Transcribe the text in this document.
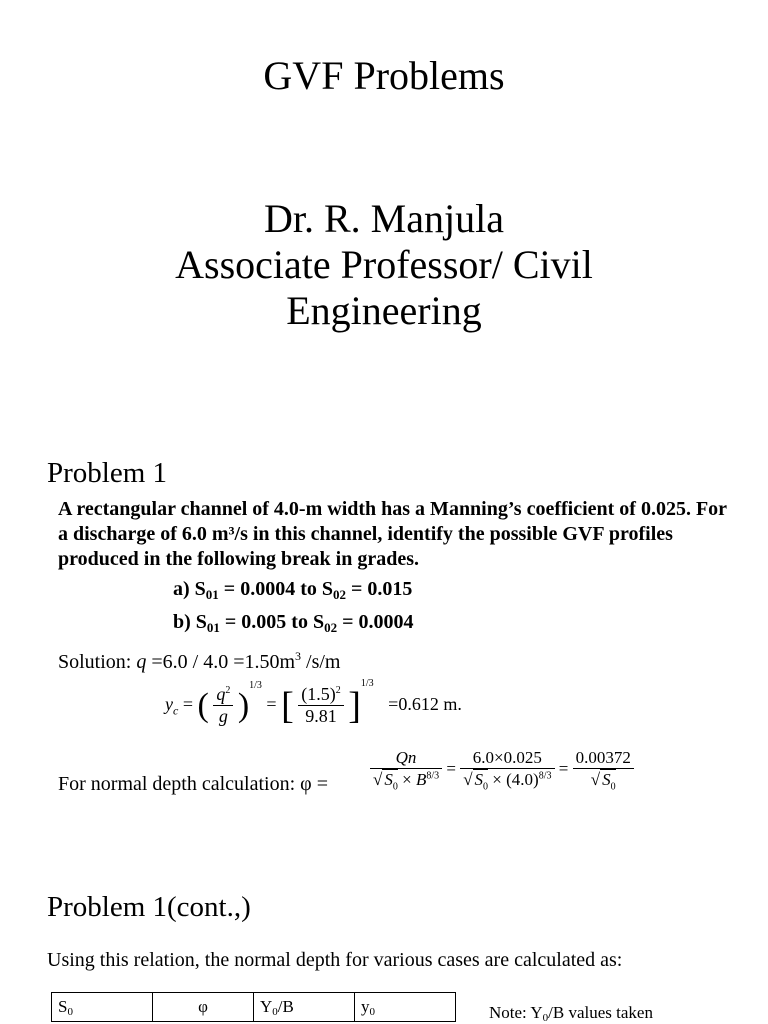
GVF Problems
Dr. R. Manjula
Associate Professor/ Civil
Engineering
Problem 1
A rectangular channel of 4.0-m width has a Manning’s coefficient of 0.025. For a discharge of 6.0 m³/s in this channel, identify the possible GVF profiles produced in the following break in grades.
a) $S_{01} = 0.0004$ to $S_{02} = 0.015$
b) $S_{01} = 0.005$ to $S_{02} = 0.0004$
Solution: $q =6.0 / 4.0 =1.50m^3$ /s/m
$y_c$ = ( $\frac{q^2}{g} )^{1/3}$ = [ $\frac{(1.5)^2}{9.81} ]^{1/3} =0.612$ m.
For normal depth calculation: $\varphi = \frac{Qn}{√ S_0 \times B^{8/3}} = \frac{6.0\times 0.025}{√ S_0 \times (4.0)^{8/3}} = \frac{0.00372}{√ S_0}$
Problem 1(cont.,)
Using this relation, the normal depth for various cases are calculated as:
$S_0$	φ	$Y_0/B$	$y_0$	Note: $Y_0/B$ values taken
